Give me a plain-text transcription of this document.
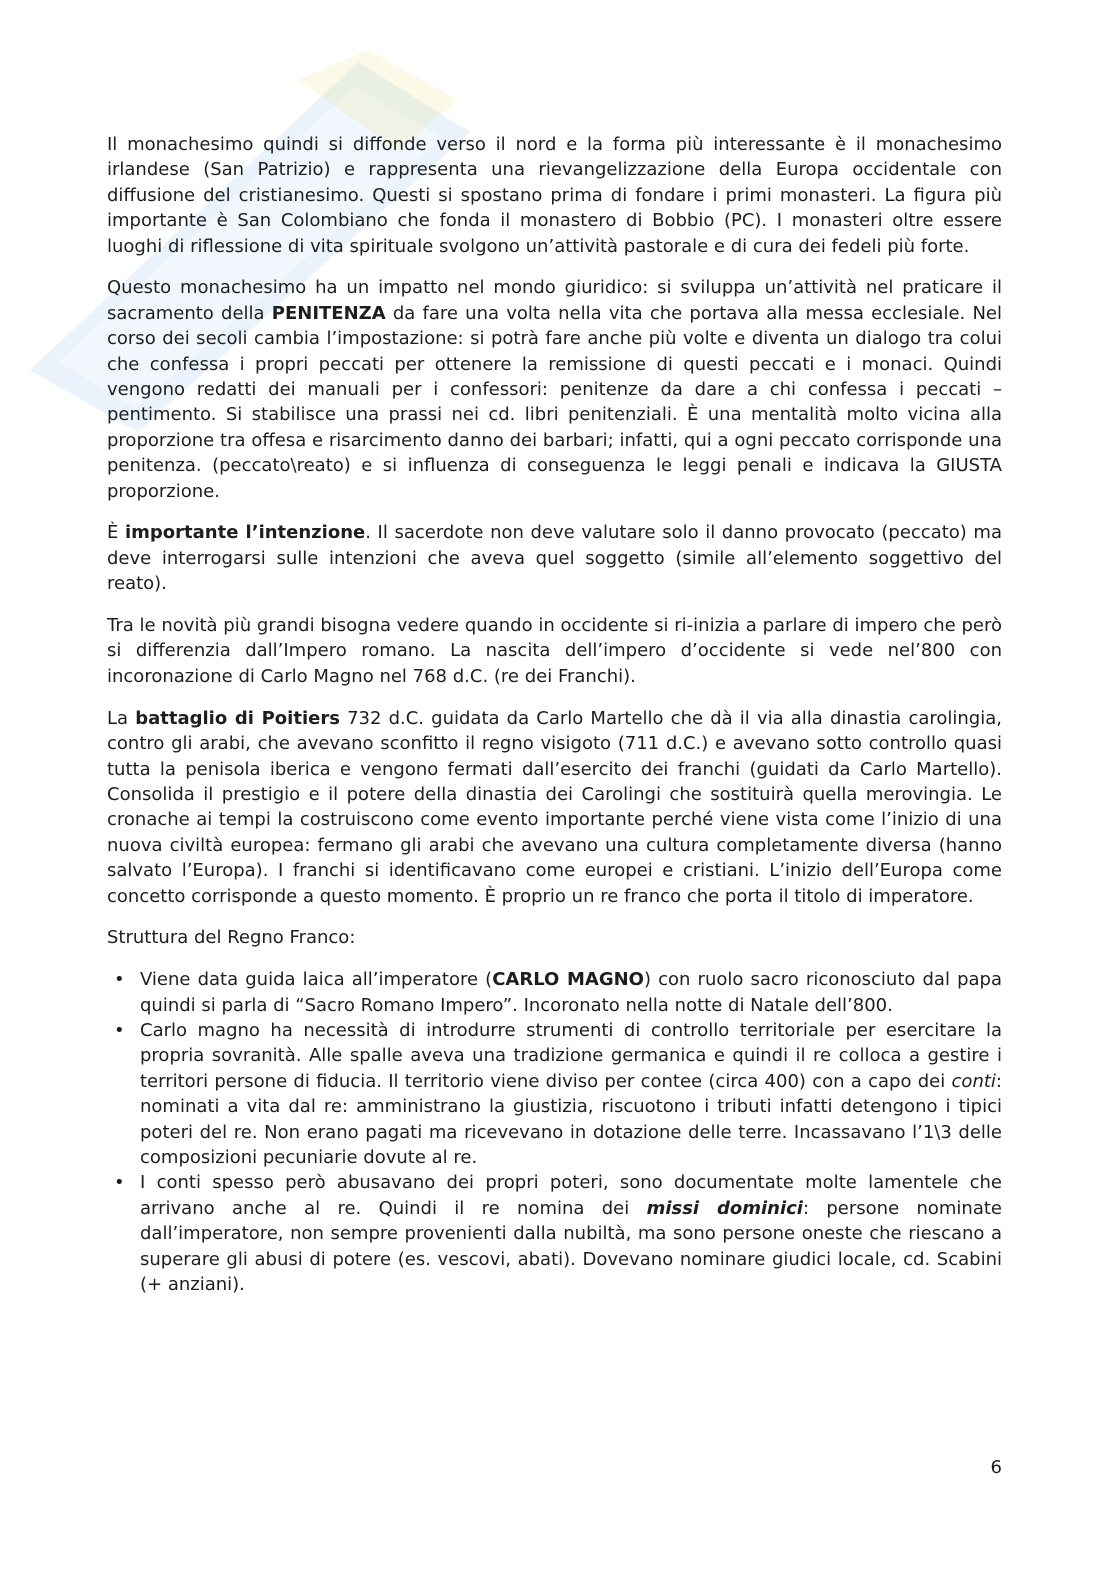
Il monachesimo quindi si diffonde verso il nord e la forma più interessante è il monachesimo irlandese (San Patrizio) e rappresenta una rievangelizzazione della Europa occidentale con diffusione del cristianesimo. Questi si spostano prima di fondare i primi monasteri. La figura più importante è San Colombiano che fonda il monastero di Bobbio (PC). I monasteri oltre essere luoghi di riflessione di vita spirituale svolgono un’attività pastorale e di cura dei fedeli più forte.

Questo monachesimo ha un impatto nel mondo giuridico: si sviluppa un’attività nel praticare il sacramento della PENITENZA da fare una volta nella vita che portava alla messa ecclesiale. Nel corso dei secoli cambia l’impostazione: si potrà fare anche più volte e diventa un dialogo tra colui che confessa i propri peccati per ottenere la remissione di questi peccati e i monaci. Quindi vengono redatti dei manuali per i confessori: penitenze da dare a chi confessa i peccati – pentimento. Si stabilisce una prassi nei cd. libri penitenziali. È una mentalità molto vicina alla proporzione tra offesa e risarcimento danno dei barbari; infatti, qui a ogni peccato corrisponde una penitenza. (peccato\reato) e si influenza di conseguenza le leggi penali e indicava la GIUSTA proporzione.

È importante l’intenzione. Il sacerdote non deve valutare solo il danno provocato (peccato) ma deve interrogarsi sulle intenzioni che aveva quel soggetto (simile all’elemento soggettivo del reato).

Tra le novità più grandi bisogna vedere quando in occidente si ri-inizia a parlare di impero che però si differenzia dall’Impero romano. La nascita dell’impero d’occidente si vede nel’800 con incoronazione di Carlo Magno nel 768 d.C. (re dei Franchi).

La battaglio di Poitiers 732 d.C. guidata da Carlo Martello che dà il via alla dinastia carolingia, contro gli arabi, che avevano sconfitto il regno visigoto (711 d.C.) e avevano sotto controllo quasi tutta la penisola iberica e vengono fermati dall’esercito dei franchi (guidati da Carlo Martello). Consolida il prestigio e il potere della dinastia dei Carolingi che sostituirà quella merovingia. Le cronache ai tempi la costruiscono come evento importante perché viene vista come l’inizio di una nuova civiltà europea: fermano gli arabi che avevano una cultura completamente diversa (hanno salvato l’Europa). I franchi si identificavano come europei e cristiani. L’inizio dell’Europa come concetto corrisponde a questo momento. È proprio un re franco che porta il titolo di imperatore.

Struttura del Regno Franco:

• Viene data guida laica all’imperatore (CARLO MAGNO) con ruolo sacro riconosciuto dal papa quindi si parla di “Sacro Romano Impero”. Incoronato nella notte di Natale dell’800.
• Carlo magno ha necessità di introdurre strumenti di controllo territoriale per esercitare la propria sovranità. Alle spalle aveva una tradizione germanica e quindi il re colloca a gestire i territori persone di fiducia. Il territorio viene diviso per contee (circa 400) con a capo dei conti: nominati a vita dal re: amministrano la giustizia, riscuotono i tributi infatti detengono i tipici poteri del re. Non erano pagati ma ricevevano in dotazione delle terre. Incassavano l’1\3 delle composizioni pecuniarie dovute al re.
• I conti spesso però abusavano dei propri poteri, sono documentate molte lamentele che arrivano anche al re. Quindi il re nomina dei missi dominici: persone nominate dall’imperatore, non sempre provenienti dalla nubiltà, ma sono persone oneste che riescano a superare gli abusi di potere (es. vescovi, abati). Dovevano nominare giudici locale, cd. Scabini (+ anziani).
6
